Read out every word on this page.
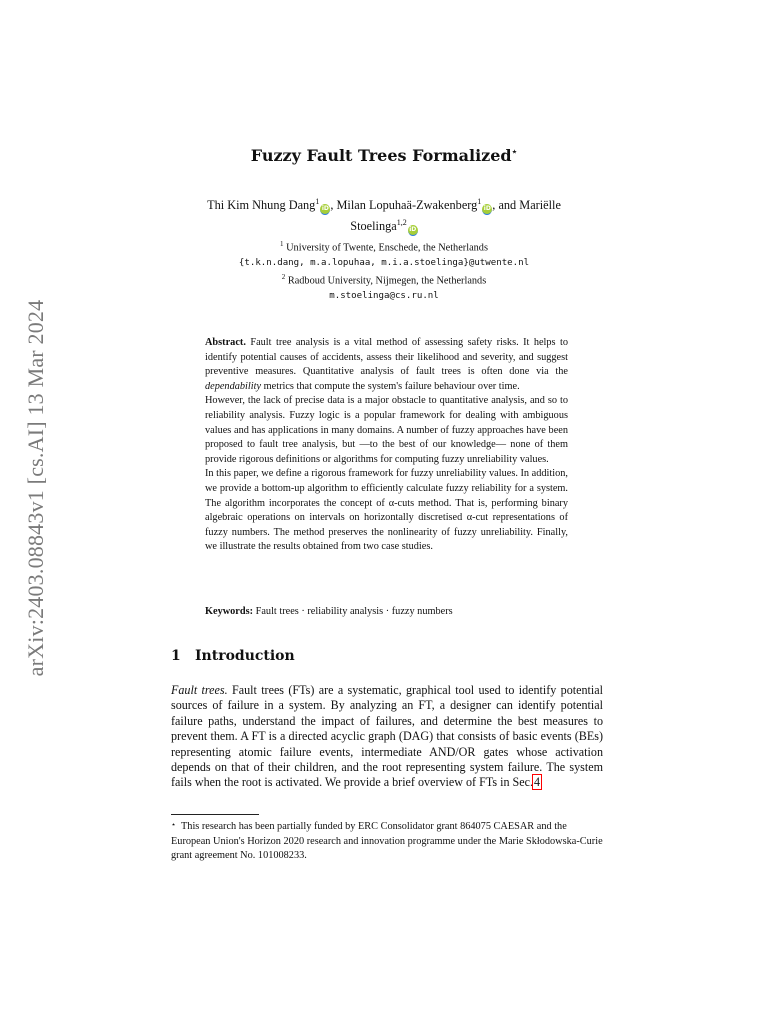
arXiv:2403.08843v1 [cs.AI] 13 Mar 2024
Fuzzy Fault Trees Formalized⋆
Thi Kim Nhung Dang$^1$iD, Milan Lopuhaä-Zwakenberg$^1$iD, and Mariëlle
Stoelinga$^{1,2}$iD
$^1$ University of Twente, Enschede, the Netherlands
{t.k.n.dang, m.a.lopuhaa, m.i.a.stoelinga}@utwente.nl
$^2$ Radboud University, Nijmegen, the Netherlands
m.stoelinga@cs.ru.nl

Abstract. Fault tree analysis is a vital method of assessing safety risks. It helps to identify potential causes of accidents, assess their likelihood and severity, and suggest preventive measures. Quantitative analysis of fault trees is often done via the dependability metrics that compute the system's failure behaviour over time.

However, the lack of precise data is a major obstacle to quantitative analysis, and so to reliability analysis. Fuzzy logic is a popular framework for dealing with ambiguous values and has applications in many domains. A number of fuzzy approaches have been proposed to fault tree analysis, but —to the best of our knowledge— none of them provide rigorous definitions or algorithms for computing fuzzy unreliability values.

In this paper, we define a rigorous framework for fuzzy unreliability values. In addition, we provide a bottom-up algorithm to efficiently calculate fuzzy reliability for a system. The algorithm incorporates the concept of α-cuts method. That is, performing binary algebraic operations on intervals on horizontally discretised α-cut representations of fuzzy numbers. The method preserves the nonlinearity of fuzzy unreliability. Finally, we illustrate the results obtained from two case studies.

Keywords: Fault trees · reliability analysis · fuzzy numbers
1 Introduction

Fault trees. Fault trees (FTs) are a systematic, graphical tool used to identify potential sources of failure in a system. By analyzing an FT, a designer can identify potential failure paths, understand the impact of failures, and determine the best measures to prevent them. A FT is a directed acyclic graph (DAG) that consists of basic events (BEs) representing atomic failure events, intermediate AND/OR gates whose activation depends on that of their children, and the root representing system failure. The system fails when the root is activated. We provide a brief overview of FTs in Sec.4

⋆ This research has been partially funded by ERC Consolidator grant 864075 CAESAR and the European Union's Horizon 2020 research and innovation programme under the Marie Skłodowska-Curie grant agreement No. 101008233.
